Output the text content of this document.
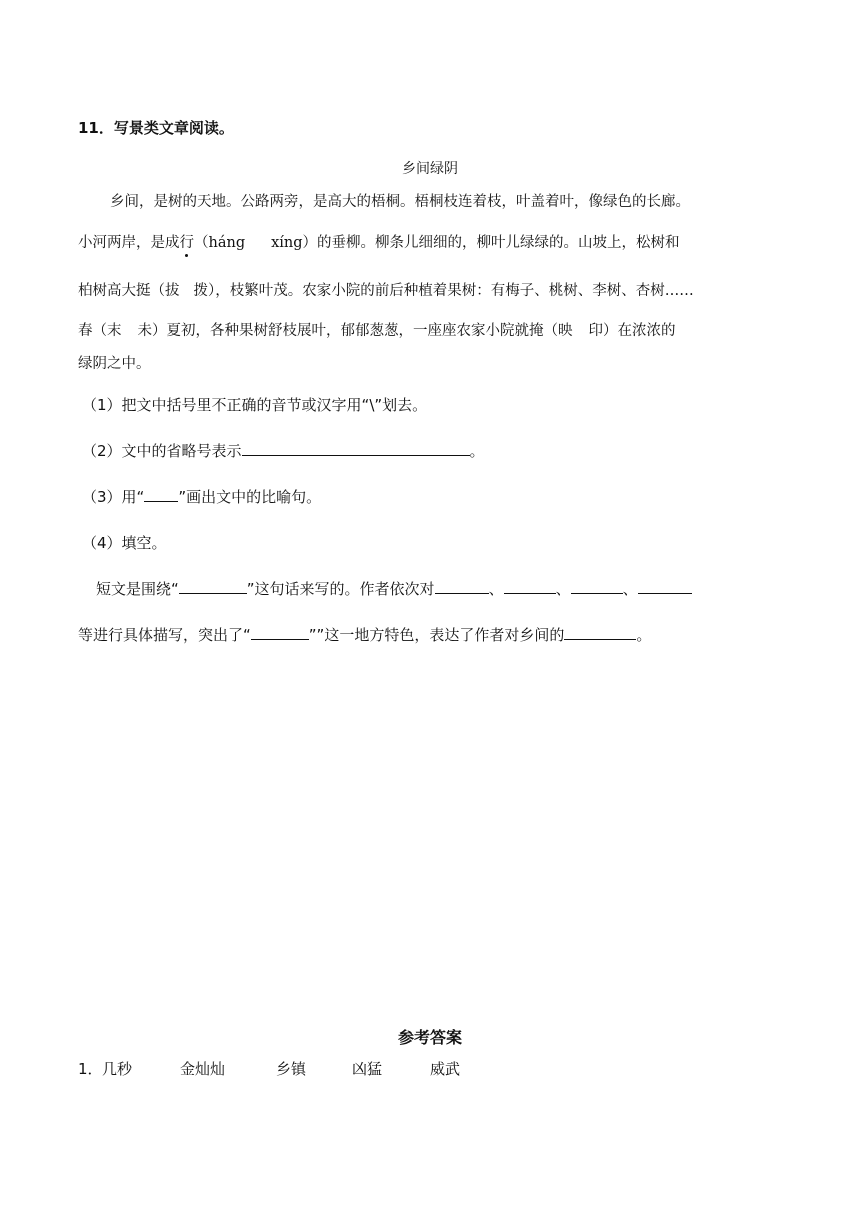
11．写景类文章阅读。
乡间绿阴
乡间，是树的天地。公路两旁，是高大的梧桐。梧桐枝连着枝，叶盖着叶，像绿色的长廊。
小河两岸，是成行（háng xíng）的垂柳。柳条儿细细的，柳叶儿绿绿的。山坡上，松树和
柏树高大挺（拔 拨），枝繁叶茂。农家小院的前后种植着果树：有梅子、桃树、李树、杏树……
春（末 未）夏初，各种果树舒枝展叶，郁郁葱葱，一座座农家小院就掩（映 印）在浓浓的
绿阴之中。
（1）把文中括号里不正确的音节或汉字用“\”划去。
（2）文中的省略号表示	。
（3）用“ ”画出文中的比喻句。
（4）填空。
短文是围绕“	”这句话来写的。作者依次对	、	、	、
等进行具体描写，突出了“	””这一地方特色，表达了作者对乡间的	。
参考答案
1．几秒	金灿灿	乡镇	凶猛	威武
